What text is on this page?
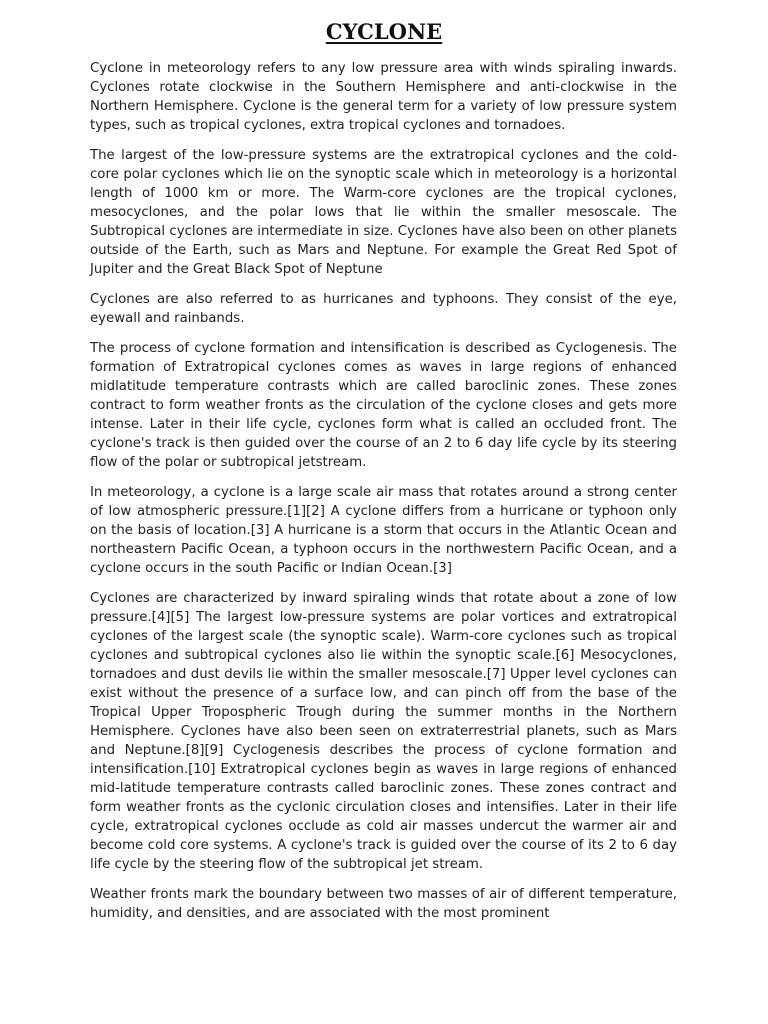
CYCLONE

Cyclone in meteorology refers to any low pressure area with winds spiraling inwards. Cyclones rotate clockwise in the Southern Hemisphere and anti-clockwise in the Northern Hemisphere. Cyclone is the general term for a variety of low pressure system types, such as tropical cyclones, extra tropical cyclones and tornadoes.

The largest of the low-pressure systems are the extratropical cyclones and the cold-core polar cyclones which lie on the synoptic scale which in meteorology is a horizontal length of 1000 km or more. The Warm-core cyclones are the tropical cyclones, mesocyclones, and the polar lows that lie within the smaller mesoscale. The Subtropical cyclones are intermediate in size. Cyclones have also been on other planets outside of the Earth, such as Mars and Neptune. For example the Great Red Spot of Jupiter and the Great Black Spot of Neptune

Cyclones are also referred to as hurricanes and typhoons. They consist of the eye, eyewall and rainbands.

The process of cyclone formation and intensification is described as Cyclogenesis. The formation of Extratropical cyclones comes as waves in large regions of enhanced midlatitude temperature contrasts which are called baroclinic zones. These zones contract to form weather fronts as the circulation of the cyclone closes and gets more intense. Later in their life cycle, cyclones form what is called an occluded front. The cyclone's track is then guided over the course of an 2 to 6 day life cycle by its steering flow of the polar or subtropical jetstream.

In meteorology, a cyclone is a large scale air mass that rotates around a strong center of low atmospheric pressure.[1][2] A cyclone differs from a hurricane or typhoon only on the basis of location.[3] A hurricane is a storm that occurs in the Atlantic Ocean and northeastern Pacific Ocean, a typhoon occurs in the northwestern Pacific Ocean, and a cyclone occurs in the south Pacific or Indian Ocean.[3]

Cyclones are characterized by inward spiraling winds that rotate about a zone of low pressure.[4][5] The largest low-pressure systems are polar vortices and extratropical cyclones of the largest scale (the synoptic scale). Warm-core cyclones such as tropical cyclones and subtropical cyclones also lie within the synoptic scale.[6] Mesocyclones, tornadoes and dust devils lie within the smaller mesoscale.[7] Upper level cyclones can exist without the presence of a surface low, and can pinch off from the base of the Tropical Upper Tropospheric Trough during the summer months in the Northern Hemisphere. Cyclones have also been seen on extraterrestrial planets, such as Mars and Neptune.[8][9] Cyclogenesis describes the process of cyclone formation and intensification.[10] Extratropical cyclones begin as waves in large regions of enhanced mid-latitude temperature contrasts called baroclinic zones. These zones contract and form weather fronts as the cyclonic circulation closes and intensifies. Later in their life cycle, extratropical cyclones occlude as cold air masses undercut the warmer air and become cold core systems. A cyclone's track is guided over the course of its 2 to 6 day life cycle by the steering flow of the subtropical jet stream.

Weather fronts mark the boundary between two masses of air of different temperature, humidity, and densities, and are associated with the most prominent
